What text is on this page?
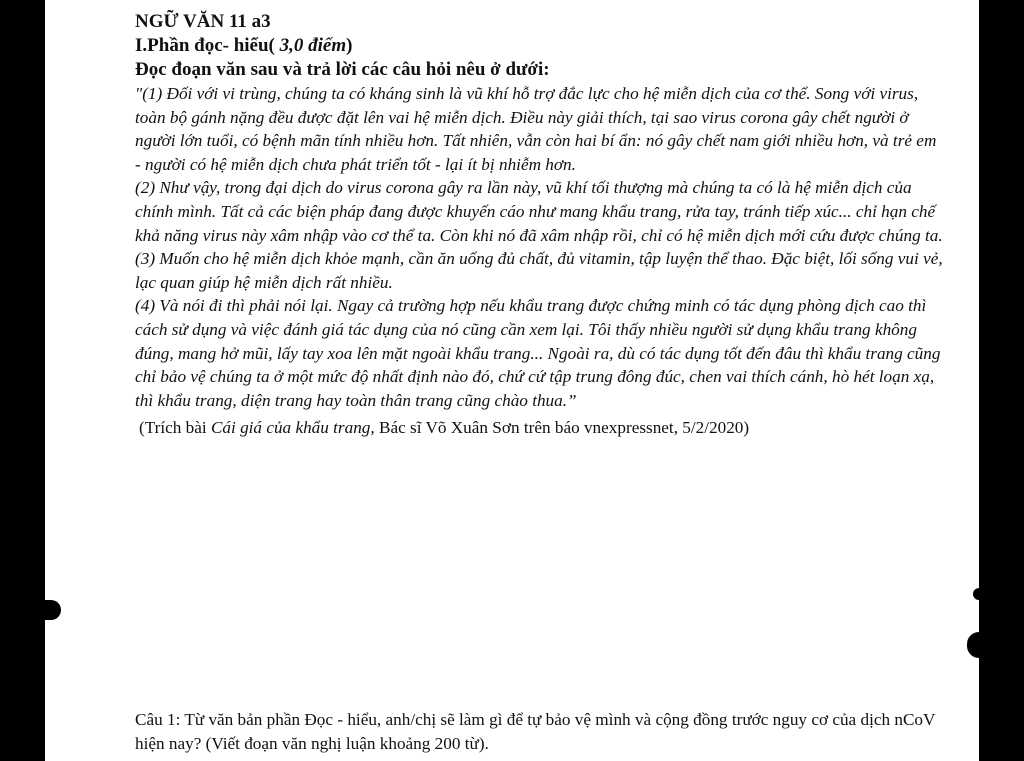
NGỮ VĂN 11 a3

I.Phần đọc- hiểu( 3,0 điểm)

Đọc đoạn văn sau và trả lời các câu hỏi nêu ở dưới:

"(1) Đối với vi trùng, chúng ta có kháng sinh là vũ khí hỗ trợ đắc lực cho hệ miễn dịch của cơ thể. Song với virus, toàn bộ gánh nặng đều được đặt lên vai hệ miễn dịch. Điều này giải thích, tại sao virus corona gây chết người ở người lớn tuổi, có bệnh mãn tính nhiều hơn. Tất nhiên, vẫn còn hai bí ẩn: nó gây chết nam giới nhiều hơn, và trẻ em - người có hệ miễn dịch chưa phát triển tốt - lại ít bị nhiễm hơn.

(2) Như vậy, trong đại dịch do virus corona gây ra lần này, vũ khí tối thượng mà chúng ta có là hệ miễn dịch của chính mình. Tất cả các biện pháp đang được khuyến cáo như mang khẩu trang, rửa tay, tránh tiếp xúc... chỉ hạn chế khả năng virus này xâm nhập vào cơ thể ta. Còn khi nó đã xâm nhập rồi, chỉ có hệ miễn dịch mới cứu được chúng ta.

(3) Muốn cho hệ miễn dịch khỏe mạnh, cần ăn uống đủ chất, đủ vitamin, tập luyện thể thao. Đặc biệt, lối sống vui vẻ, lạc quan giúp hệ miễn dịch rất nhiều.

(4) Và nói đi thì phải nói lại. Ngay cả trường hợp nếu khẩu trang được chứng minh có tác dụng phòng dịch cao thì cách sử dụng và việc đánh giá tác dụng của nó cũng cần xem lại. Tôi thấy nhiều người sử dụng khẩu trang không đúng, mang hở mũi, lấy tay xoa lên mặt ngoài khẩu trang... Ngoài ra, dù có tác dụng tốt đến đâu thì khẩu trang cũng chỉ bảo vệ chúng ta ở một mức độ nhất định nào đó, chứ cứ tập trung đông đúc, chen vai thích cánh, hò hét loạn xạ, thì khẩu trang, diện trang hay toàn thân trang cũng chào thua.”

(Trích bài Cái giá của khẩu trang, Bác sĩ Võ Xuân Sơn trên báo vnexpressnet, 5/2/2020)

Câu 1: Từ văn bản phần Đọc - hiểu, anh/chị sẽ làm gì để tự bảo vệ mình và cộng đồng trước nguy cơ của dịch nCoV hiện nay? (Viết đoạn văn nghị luận khoảng 200 từ).
